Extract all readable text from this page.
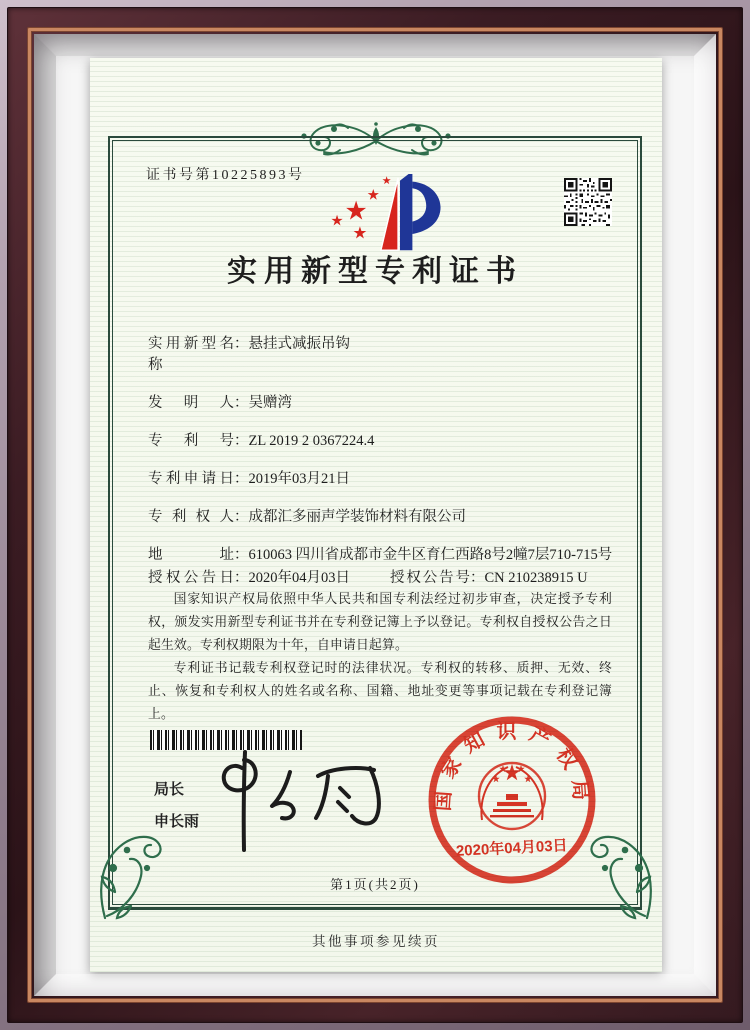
证书号第10225893号
实用新型专利证书
实用新型名称
： 悬挂式减振吊钩
发明人 ： 吴赠湾
专利号 ： ZL 2019 2 0367224.4
专利申请日 ： 2019年03月21日
专利权人 ： 成都汇多丽声学装饰材料有限公司
地址 ： 610063 四川省成都市金牛区育仁西路8号2幢7层710-715号
授权公告日 ： 2020年04月03日	授权公告号 ： CN 210238915 U

国家知识产权局依照中华人民共和国专利法经过初步审查，决定授予专利权，颁发实用新型专利证书并在专利登记簿上予以登记。专利权自授权公告之日起生效。专利权期限为十年，自申请日起算。

专利证书记载专利权登记时的法律状况。专利权的转移、质押、无效、终止、恢复和专利权人的姓名或名称、国籍、地址变更等事项记载在专利登记簿上。

局长
申长雨
国家知识产权局
2020年04月03日
第1页(共2页)
其他事项参见续页
